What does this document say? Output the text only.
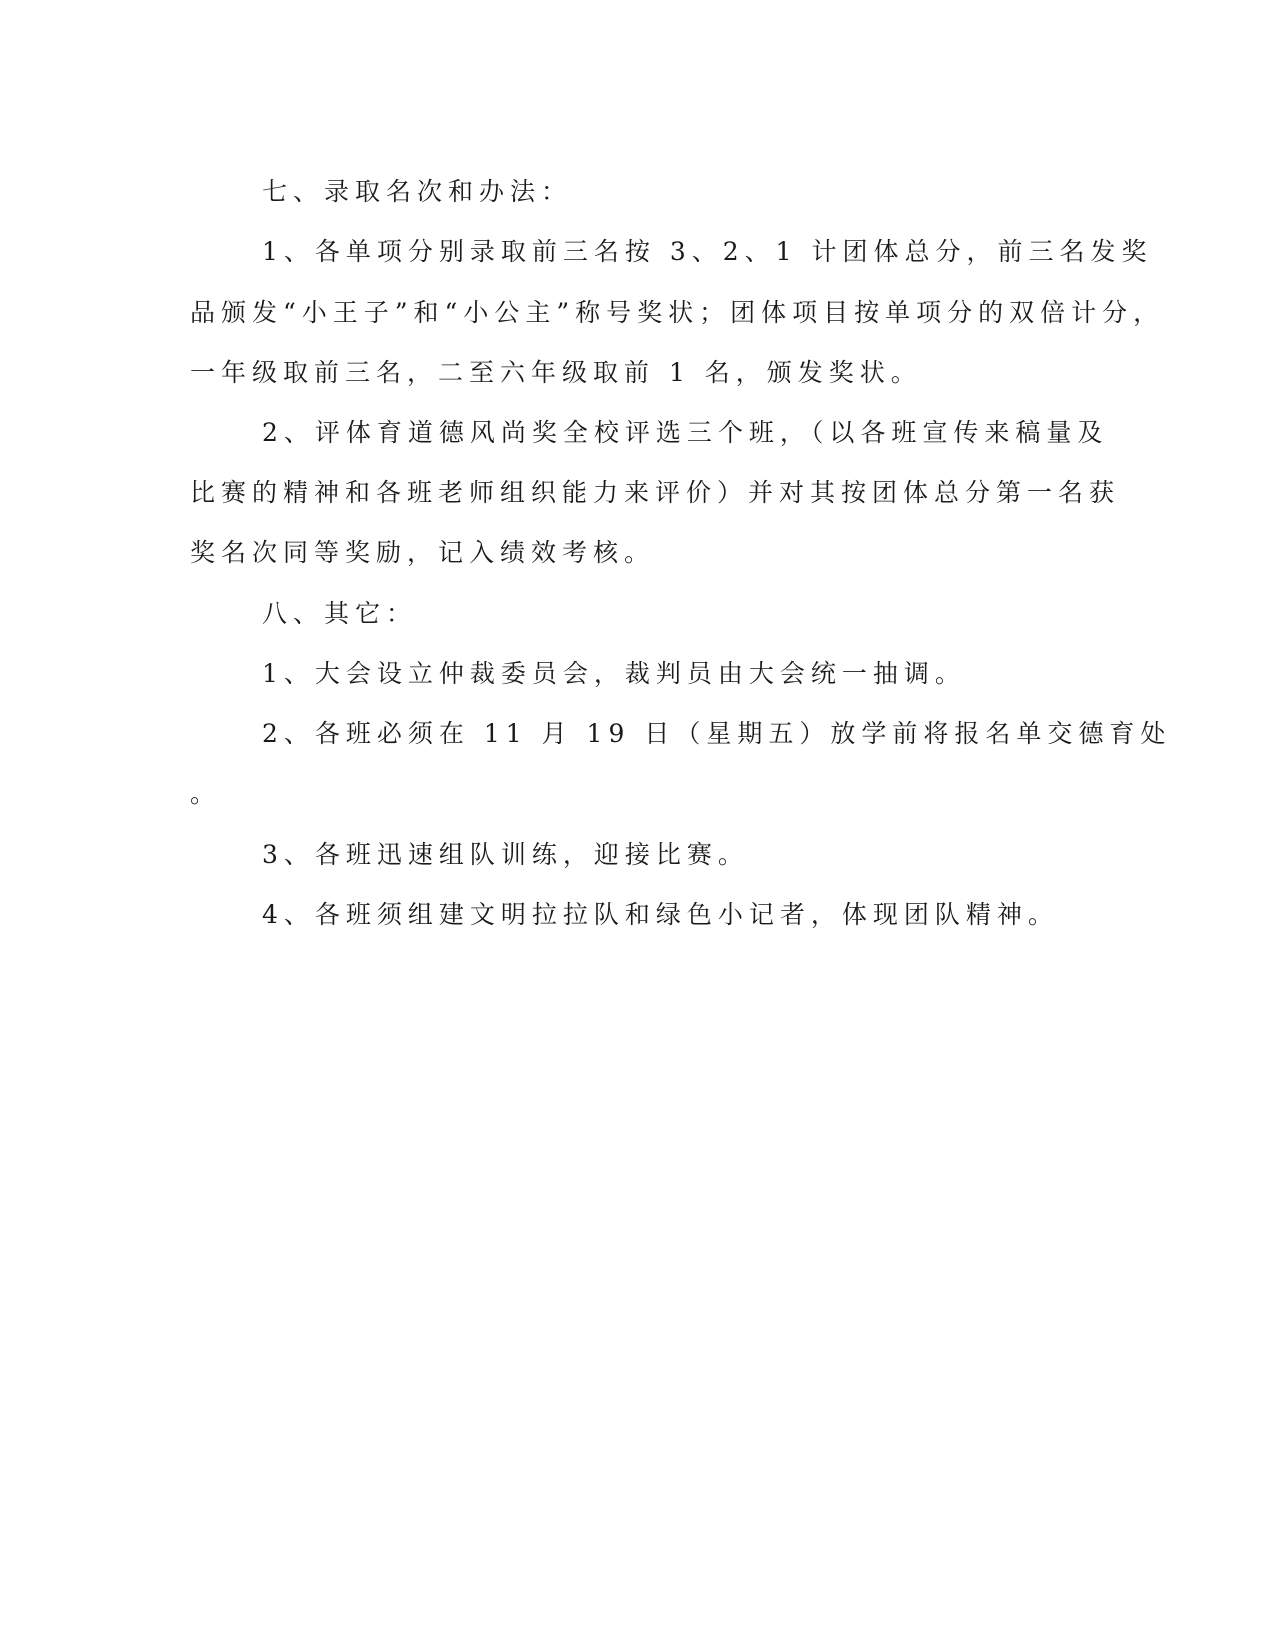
七、录取名次和办法：
1、各单项分别录取前三名按 3、2、1 计团体总分，前三名发奖
品颁发“小王子”和“小公主”称号奖状；团体项目按单项分的双倍计分，
一年级取前三名，二至六年级取前 1 名，颁发奖状。
2、评体育道德风尚奖全校评选三个班，（以各班宣传来稿量及
比赛的精神和各班老师组织能力来评价）并对其按团体总分第一名获
奖名次同等奖励，记入绩效考核。
八、其它：
1、大会设立仲裁委员会，裁判员由大会统一抽调。
2、各班必须在 11 月 19 日（星期五）放学前将报名单交德育处
。
3、各班迅速组队训练，迎接比赛。
4、各班须组建文明拉拉队和绿色小记者，体现团队精神。
